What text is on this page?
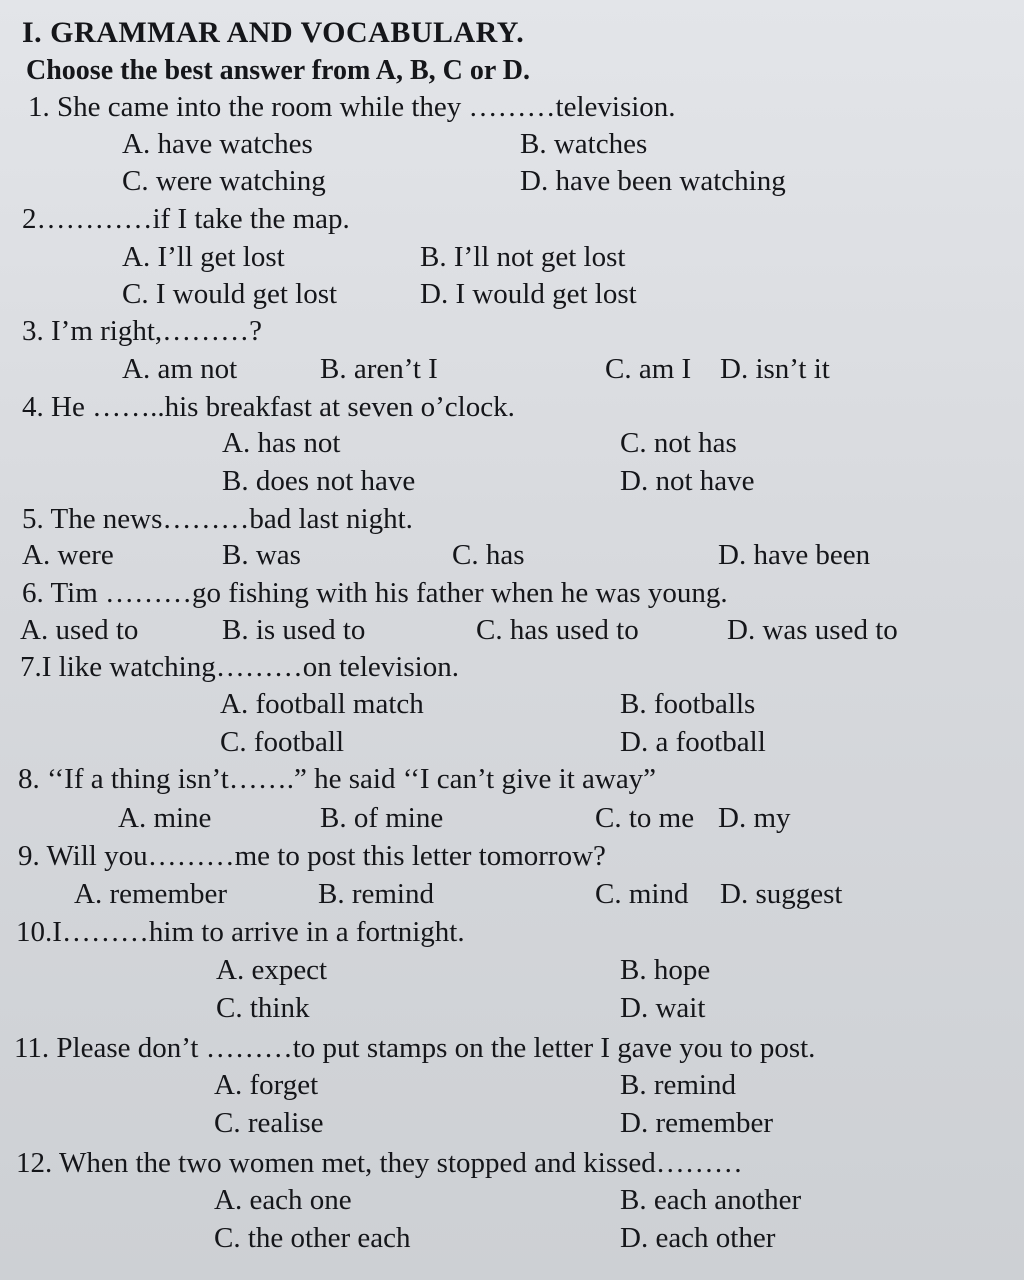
I. GRAMMAR AND VOCABULARY.
Choose the best answer from A, B, C or D.
1. She came into the room while they ………television.
A. have watches	B. watches
C. were watching	D. have been watching
2…………if I take the map.
A. I’ll get lost	B. I’ll not get lost
C. I would get lost	D. I would get lost
3. I’m right,………?
A. am not	B. aren’t I	C. am I D. isn’t it
4. He ……..his breakfast at seven o’clock.
A. has not	C. not has
B. does not have	D. not have
5. The news………bad last night.
A. were	B. was	C. has	D. have been
6. Tim ………go fishing with his father when he was young.
A. used to	B. is used to	C. has used to	D. was used to
7.I like watching………on television.
A. football match	B. footballs
C. football	D. a football
8. ‘‘If a thing isn’t…….” he said ‘‘I can’t give it away”
A. mine	B. of mine	C. to me D. my
9. Will you………me to post this letter tomorrow?
A. remember	B. remind	C. mind D. suggest
10.I………him to arrive in a fortnight.
A. expect	B. hope
C. think	D. wait
11. Please don’t ………to put stamps on the letter I gave you to post.
A. forget	B. remind
C. realise	D. remember
12. When the two women met, they stopped and kissed………
A. each one	B. each another
C. the other each	D. each other
